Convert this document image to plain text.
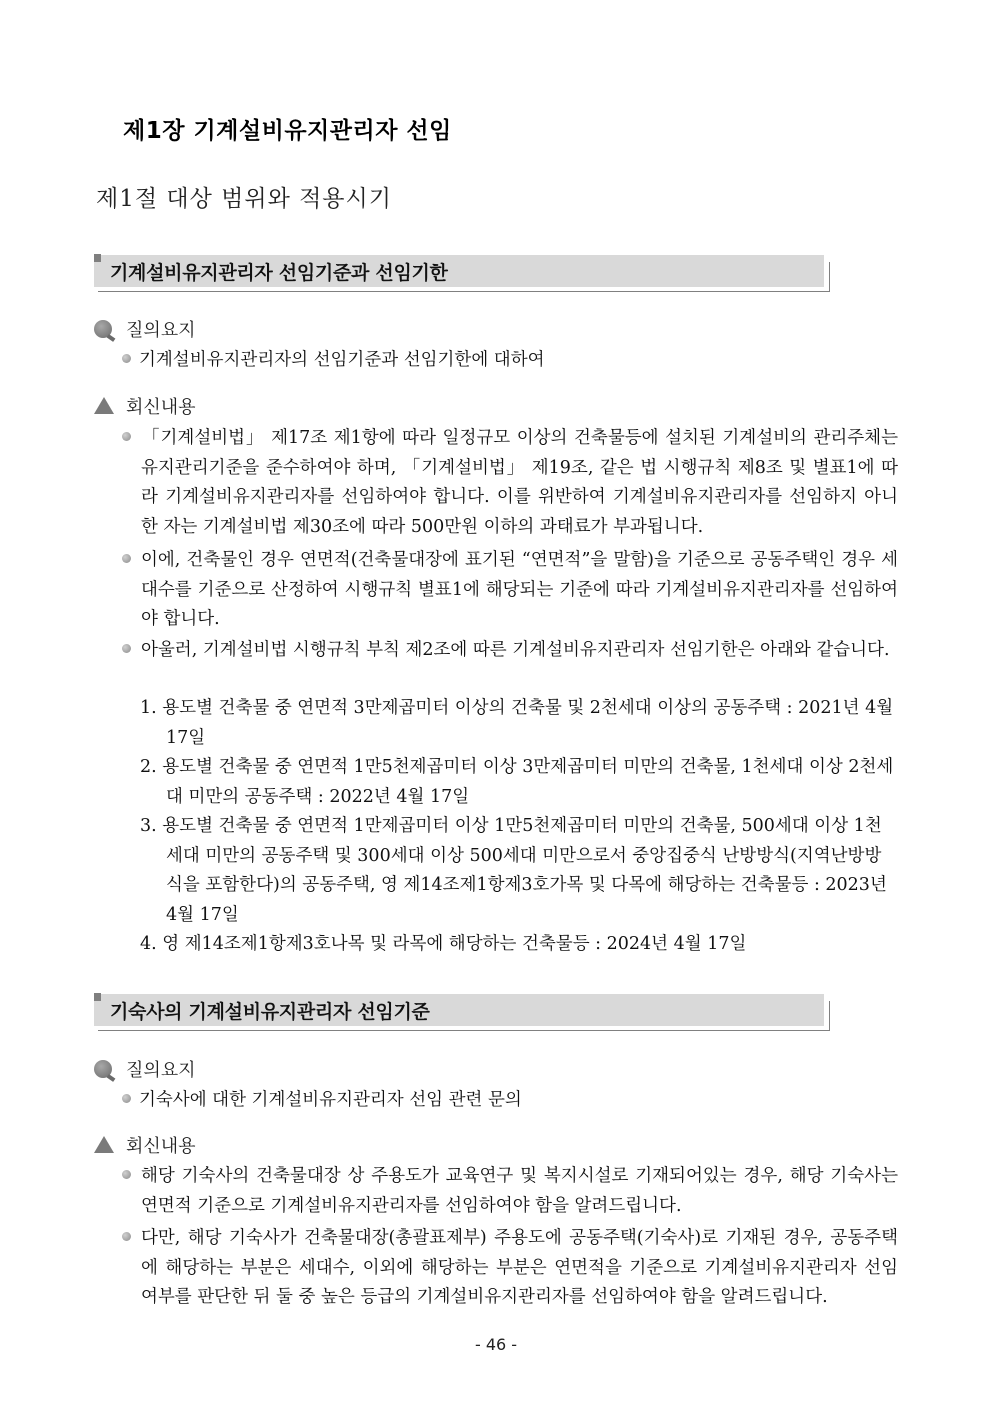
제1장 기계설비유지관리자 선임
제1절 대상 범위와 적용시기
기계설비유지관리자 선임기준과 선임기한
질의요지
기계설비유지관리자의 선임기준과 선임기한에 대하여
회신내용
「기계설비법」 제17조 제1항에 따라 일정규모 이상의 건축물등에 설치된 기계설비의 관리주체는 유지관리기준을 준수하여야 하며, 「기계설비법」 제19조, 같은 법 시행규칙 제8조 및 별표1에 따라 기계설비유지관리자를 선임하여야 합니다. 이를 위반하여 기계설비유지관리자를 선임하지 아니한 자는 기계설비법 제30조에 따라 500만원 이하의 과태료가 부과됩니다.
이에, 건축물인 경우 연면적(건축물대장에 표기된 “연면적”을 말함)을 기준으로 공동주택인 경우 세대수를 기준으로 산정하여 시행규칙 별표1에 해당되는 기준에 따라 기계설비유지관리자를 선임하여야 합니다.
아울러, 기계설비법 시행규칙 부칙 제2조에 따른 기계설비유지관리자 선임기한은 아래와 같습니다.
1. 용도별 건축물 중 연면적 3만제곱미터 이상의 건축물 및 2천세대 이상의 공동주택 : 2021년 4월 17일
2. 용도별 건축물 중 연면적 1만5천제곱미터 이상 3만제곱미터 미만의 건축물, 1천세대 이상 2천세대 미만의 공동주택 : 2022년 4월 17일
3. 용도별 건축물 중 연면적 1만제곱미터 이상 1만5천제곱미터 미만의 건축물, 500세대 이상 1천세대 미만의 공동주택 및 300세대 이상 500세대 미만으로서 중앙집중식 난방방식(지역난방방식을 포함한다)의 공동주택, 영 제14조제1항제3호가목 및 다목에 해당하는 건축물등 : 2023년 4월 17일
4. 영 제14조제1항제3호나목 및 라목에 해당하는 건축물등 : 2024년 4월 17일
기숙사의 기계설비유지관리자 선임기준
질의요지
기숙사에 대한 기계설비유지관리자 선임 관련 문의
회신내용
해당 기숙사의 건축물대장 상 주용도가 교육연구 및 복지시설로 기재되어있는 경우, 해당 기숙사는 연면적 기준으로 기계설비유지관리자를 선임하여야 함을 알려드립니다.
다만, 해당 기숙사가 건축물대장(총괄표제부) 주용도에 공동주택(기숙사)로 기재된 경우, 공동주택에 해당하는 부분은 세대수, 이외에 해당하는 부분은 연면적을 기준으로 기계설비유지관리자 선임 여부를 판단한 뒤 둘 중 높은 등급의 기계설비유지관리자를 선임하여야 함을 알려드립니다.
- 46 -
